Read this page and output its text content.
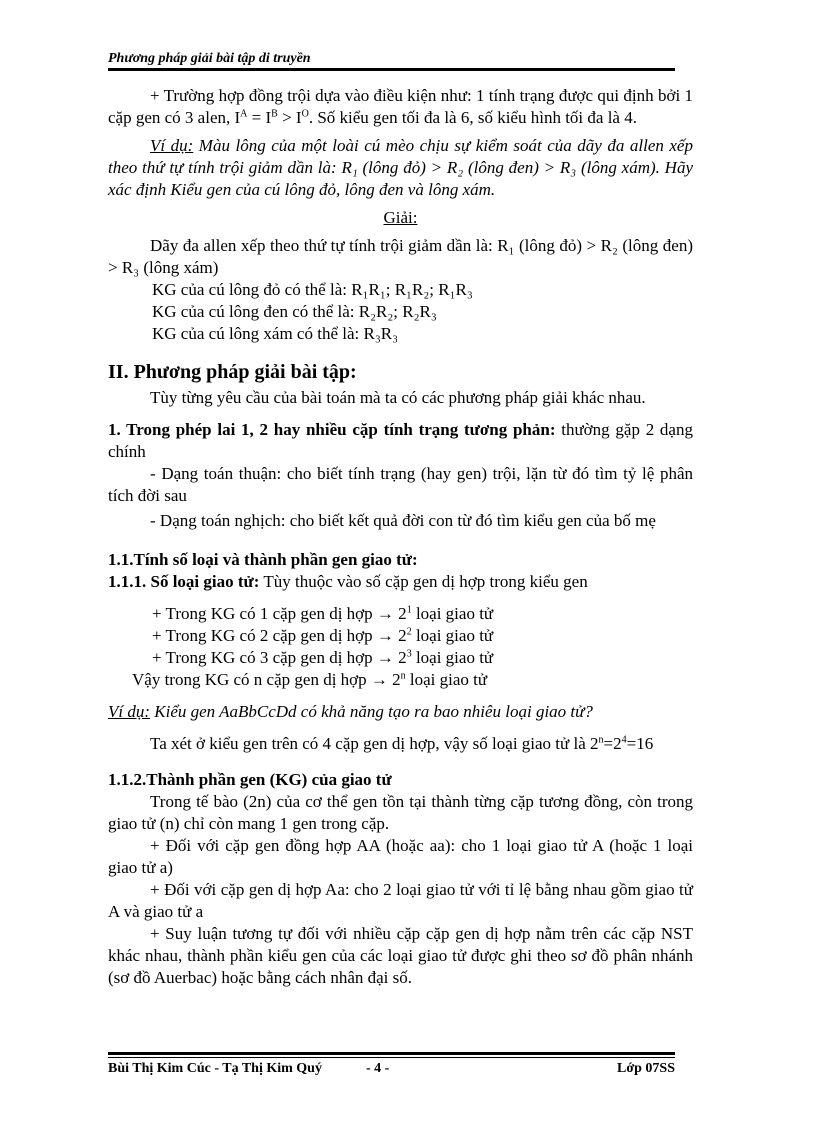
Phương pháp giải bài tập di truyền

+ Trường hợp đồng trội dựa vào điều kiện như: 1 tính trạng được qui định bởi 1 cặp gen có 3 alen, $I^A = I^B > I^O$. Số kiểu gen tối đa là 6, số kiểu hình tối đa là 4.

Ví dụ: Màu lông của một loài cú mèo chịu sự kiểm soát của dãy đa allen xếp theo thứ tự tính trội giảm dần là: R₁ (lông đỏ) > R₂ (lông đen) > R₃ (lông xám). Hãy xác định Kiểu gen của cú lông đỏ, lông đen và lông xám.

Giải:

Dãy đa allen xếp theo thứ tự tính trội giảm dần là: R₁ (lông đỏ) > R₂ (lông đen) > R₃ (lông xám)

KG của cú lông đỏ có thể là: R₁R₁; R₁R₂; R₁R₃

KG của cú lông đen có thể là: R₂R₂; R₂R₃

KG của cú lông xám có thể là: R₃R₃

II. Phương pháp giải bài tập:

Tùy từng yêu cầu của bài toán mà ta có các phương pháp giải khác nhau.

1. Trong phép lai 1, 2 hay nhiều cặp tính trạng tương phản: thường gặp 2 dạng chính

- Dạng toán thuận: cho biết tính trạng (hay gen) trội, lặn từ đó tìm tỷ lệ phân tích đời sau

- Dạng toán nghịch: cho biết kết quả đời con từ đó tìm kiểu gen của bố mẹ

1.1.Tính số loại và thành phần gen giao tử:

1.1.1. Số loại giao tử: Tùy thuộc vào số cặp gen dị hợp trong kiểu gen

+ Trong KG có 1 cặp gen dị hợp → $2^1$ loại giao tử

+ Trong KG có 2 cặp gen dị hợp → $2^2$ loại giao tử

+ Trong KG có 3 cặp gen dị hợp → $2^3$ loại giao tử

Vậy trong KG có n cặp gen dị hợp → $2^n$ loại giao tử

Ví dụ: Kiểu gen AaBbCcDd có khả năng tạo ra bao nhiêu loại giao tử?

Ta xét ở kiểu gen trên có 4 cặp gen dị hợp, vậy số loại giao tử là $2^n=2^4=16$

1.1.2.Thành phần gen (KG) của giao tử

Trong tế bào (2n) của cơ thể gen tồn tại thành từng cặp tương đồng, còn trong giao tử (n) chỉ còn mang 1 gen trong cặp.

+ Đối với cặp gen đồng hợp AA (hoặc aa): cho 1 loại giao tử A (hoặc 1 loại giao tử a)

+ Đối với cặp gen dị hợp Aa: cho 2 loại giao tử với tỉ lệ bằng nhau gồm giao tử A và giao tử a

+ Suy luận tương tự đối với nhiều cặp cặp gen dị hợp nằm trên các cặp NST khác nhau, thành phần kiểu gen của các loại giao tử được ghi theo sơ đồ phân nhánh (sơ đồ Auerbac) hoặc bằng cách nhân đại số.

Bùi Thị Kim Cúc - Tạ Thị Kim Quý	- 4 -	Lớp 07SS
